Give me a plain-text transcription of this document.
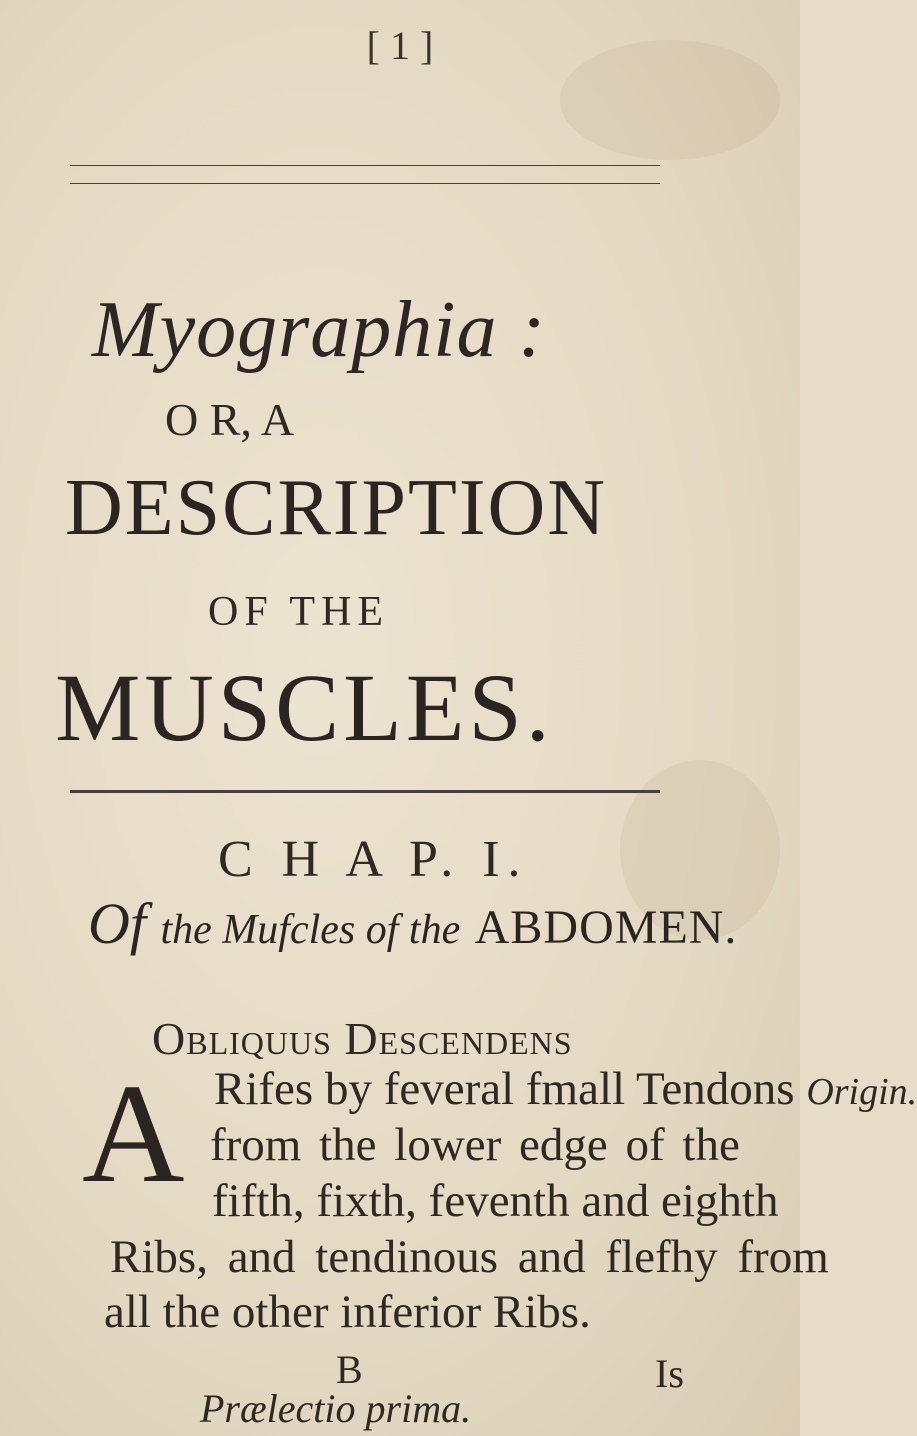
[ 1 ]
Myographia :
O R, A
DESCRIPTION
OF THE
MUSCLES.
C H A P. I.
Of the Mufcles of the ABDOMEN.
Obliquus Descendens
A Rifes by feveral fmall Tendons Origin.
from the lower edge of the
fifth, fixth, feventh and eighth
Ribs, and tendinous and flefhy from
all the other inferior Ribs.
B	Is
Prælectio prima.
